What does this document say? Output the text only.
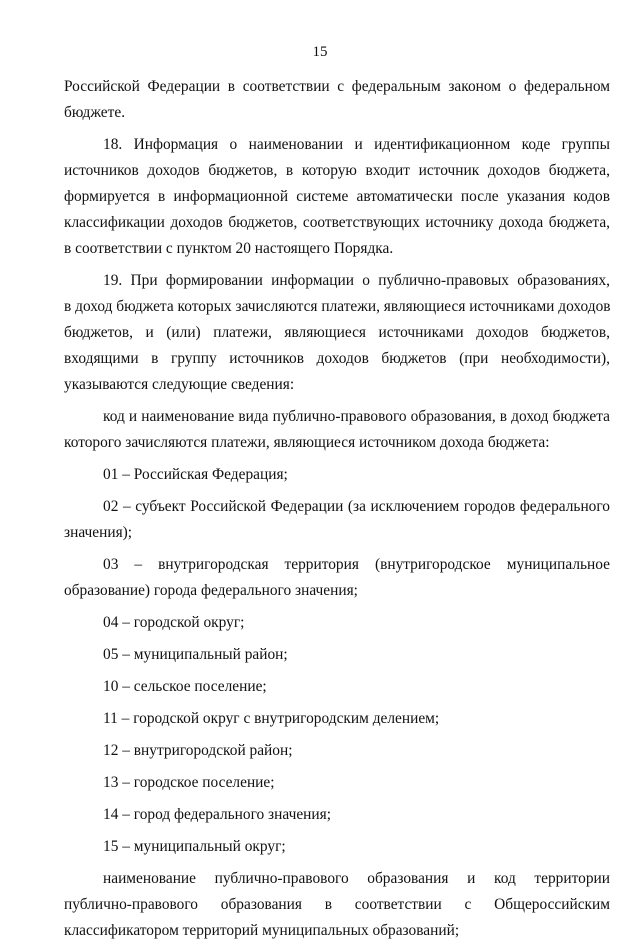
15
Российской Федерации в соответствии с федеральным законом о федеральном
бюджете.
18. Информация о наименовании и идентификационном коде группы
источников доходов бюджетов, в которую входит источник доходов бюджета,
формируется в информационной системе автоматически после указания кодов
классификации доходов бюджетов, соответствующих источнику дохода бюджета,
в соответствии с пунктом 20 настоящего Порядка.
19. При формировании информации о публично-правовых образованиях,
в доход бюджета которых зачисляются платежи, являющиеся источниками доходов
бюджетов, и (или) платежи, являющиеся источниками доходов бюджетов,
входящими в группу источников доходов бюджетов (при необходимости),
указываются следующие сведения:
код и наименование вида публично-правового образования, в доход бюджета
которого зачисляются платежи, являющиеся источником дохода бюджета:
01 – Российская Федерация;
02 – субъект Российской Федерации (за исключением городов федерального
значения);
03 – внутригородская территория (внутригородское муниципальное
образование) города федерального значения;
04 – городской округ;
05 – муниципальный район;
10 – сельское поселение;
11 – городской округ с внутригородским делением;
12 – внутригородской район;
13 – городское поселение;
14 – город федерального значения;
15 – муниципальный округ;
наименование публично-правового образования и код территории
публично-правового образования в соответствии с Общероссийским
классификатором территорий муниципальных образований;
